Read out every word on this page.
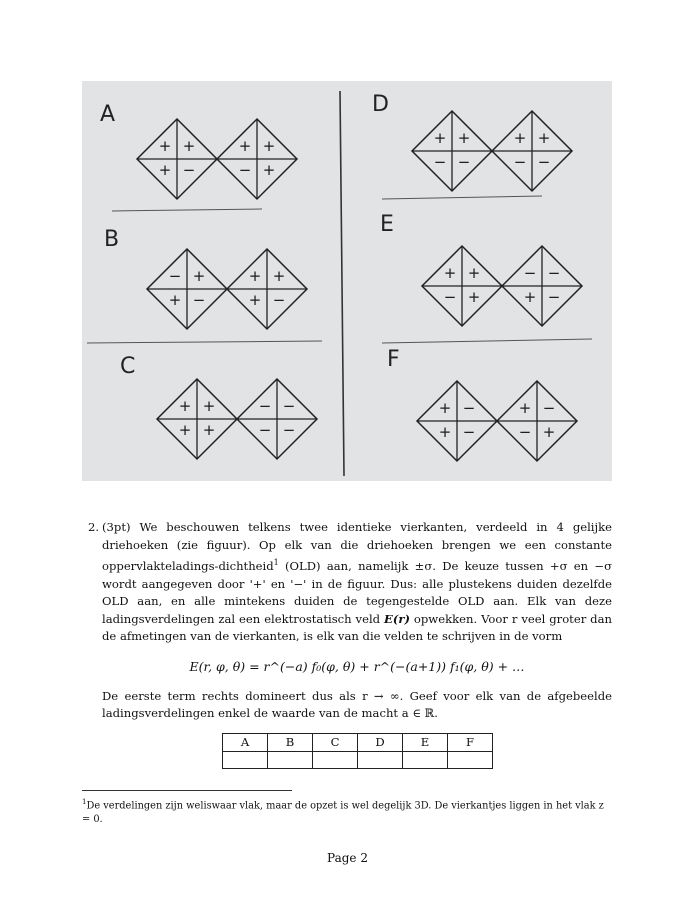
A
+ +
+ −
+ +
− +
B
− +
+ −
+ +
+ −
C
+ +
+ +
− −
− −
D
+ +
− −
+ +
− −
E
+ +
− +
− −
+ −
F
+ −
+ −
+ −
− +
2. (3pt) We beschouwen telkens twee identieke vierkanten, verdeeld in 4 gelijke driehoeken (zie figuur). Op elk van die driehoeken brengen we een constante oppervlakteladings-dichtheid$^1$ (OLD) aan, namelijk ±σ. De keuze tussen +σ en −σ wordt aangegeven door '+' en '−' in de figuur. Dus: alle plustekens duiden dezelfde OLD aan, en alle mintekens duiden de tegengestelde OLD aan. Elk van deze ladingsverdelingen zal een elektrostatisch veld E(r) opwekken. Voor r veel groter dan de afmetingen van de vierkanten, is elk van die velden te schrijven in de vorm

E(r, φ, θ) = r^(−a) f₀(φ, θ) + r^(−(a+1)) f₁(φ, θ) + …

De eerste term rechts domineert dus als r → ∞. Geef voor elk van de afgebeelde ladingsverdelingen enkel de waarde van de macht a ∈ ℝ.

A	B	C	D	E	F

$^1$De verdelingen zijn weliswaar vlak, maar de opzet is wel degelijk 3D. De vierkantjes liggen in het vlak z = 0.
Page 2
